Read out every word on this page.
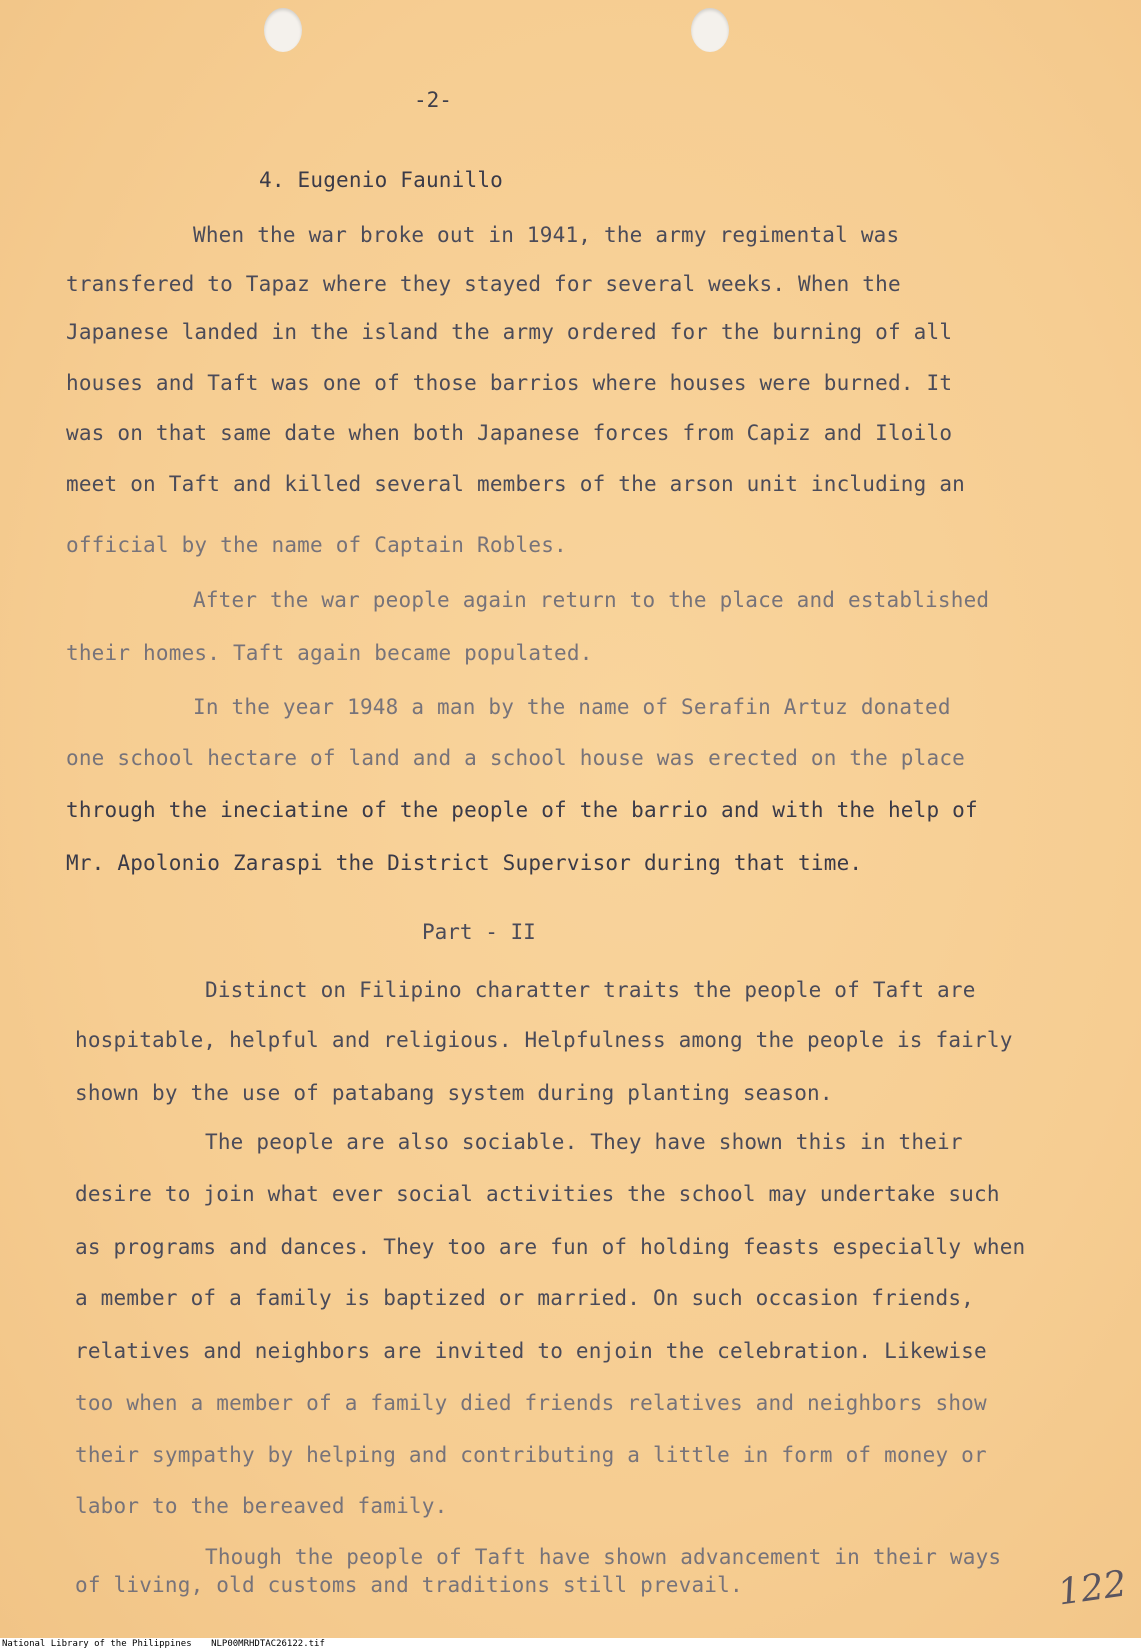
-2-
4. Eugenio Faunillo
When the war broke out in 1941, the army regimental was
transfered to Tapaz where they stayed for several weeks. When the
Japanese landed in the island the army ordered for the burning of all
houses and Taft was one of those barrios where houses were burned. It
was on that same date when both Japanese forces from Capiz and Iloilo
meet on Taft and killed several members of the arson unit including an
official by the name of Captain Robles.
After the war people again return to the place and established
their homes. Taft again became populated.
In the year 1948 a man by the name of Serafin Artuz donated
one school hectare of land and a school house was erected on the place
through the ineciatine of the people of the barrio and with the help of
Mr. Apolonio Zaraspi the District Supervisor during that time.
Part - II
Distinct on Filipino charatter traits the people of Taft are
hospitable, helpful and religious. Helpfulness among the people is fairly
shown by the use of patabang system during planting season.
The people are also sociable. They have shown this in their
desire to join what ever social activities the school may undertake such
as programs and dances. They too are fun of holding feasts especially when
a member of a family is baptized or married. On such occasion friends,
relatives and neighbors are invited to enjoin the celebration. Likewise
too when a member of a family died friends relatives and neighbors show
their sympathy by helping and contributing a little in form of money or
labor to the bereaved family.
Though the people of Taft have shown advancement in their ways
of living, old customs and traditions still prevail.	122
National Library of the Philippines NLP00MRHDTAC26122.tif
